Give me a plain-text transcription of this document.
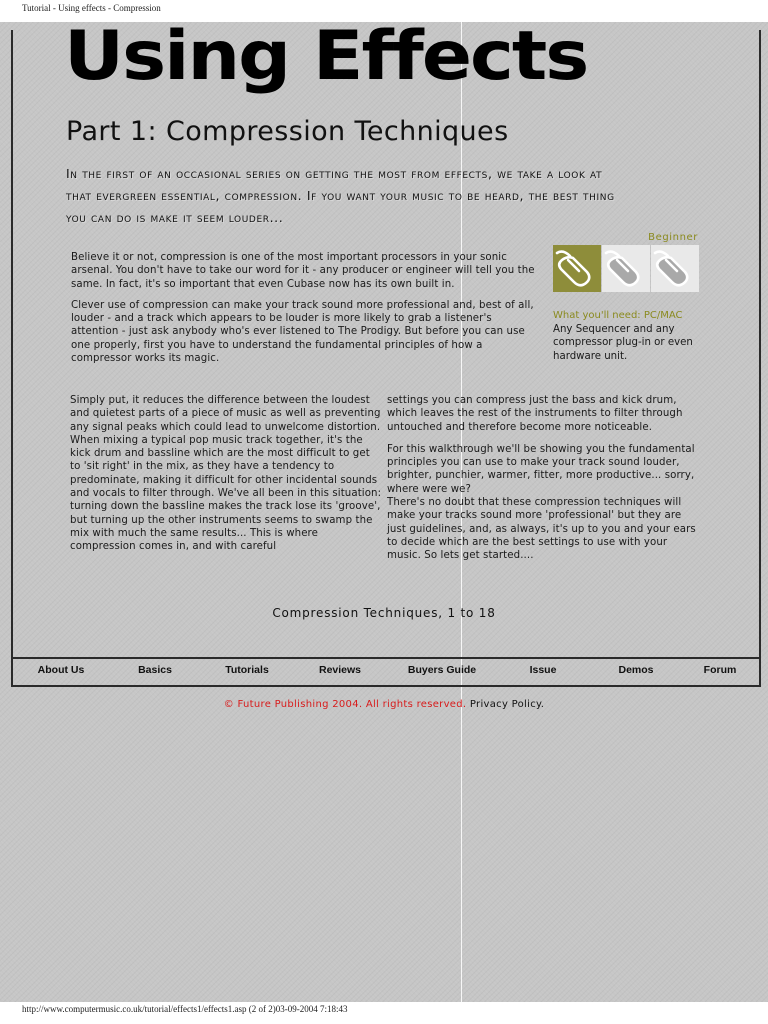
Tutorial - Using effects - Compression
Using Effects
Part 1: Compression Techniques
In the first of an occasional series on getting the most from effects, we take a look at that evergreen essential, compression. If you want your music to be heard, the best thing you can do is make it seem louder...

Believe it or not, compression is one of the most important processors in your sonic arsenal. You don't have to take our word for it - any producer or engineer will tell you the same. In fact, it's so important that even Cubase now has its own built in.

Clever use of compression can make your track sound more professional and, best of all, louder - and a track which appears to be louder is more likely to grab a listener's attention - just ask anybody who's ever listened to The Prodigy. But before you can use one properly, first you have to understand the fundamental principles of how a compressor works its magic.

Beginner
What you'll need: PC/MAC
Any Sequencer and any compressor plug-in or even hardware unit.

Simply put, it reduces the difference between the loudest and quietest parts of a piece of music as well as preventing any signal peaks which could lead to unwelcome distortion. When mixing a typical pop music track together, it's the kick drum and bassline which are the most difficult to get to 'sit right' in the mix, as they have a tendency to predominate, making it difficult for other incidental sounds and vocals to filter through. We've all been in this situation: turning down the bassline makes the track lose its 'groove', but turning up the other instruments seems to swamp the mix with much the same results... This is where compression comes in, and with careful

settings you can compress just the bass and kick drum, which leaves the rest of the instruments to filter through untouched and therefore become more noticeable.

For this walkthrough we'll be showing you the fundamental principles you can use to make your track sound louder, brighter, punchier, warmer, fitter, more productive... sorry, where were we?

There's no doubt that these compression techniques will make your tracks sound more 'professional' but they are just guidelines, and, as always, it's up to you and your ears to decide which are the best settings to use with your music. So lets get started....

Compression Techniques, 1 to 18
About Us	Basics	Tutorials	Reviews	Buyers Guide	Issue	Demos	Forum
© Future Publishing 2004. All rights reserved. Privacy Policy.
http://www.computermusic.co.uk/tutorial/effects1/effects1.asp (2 of 2)03-09-2004 7:18:43
